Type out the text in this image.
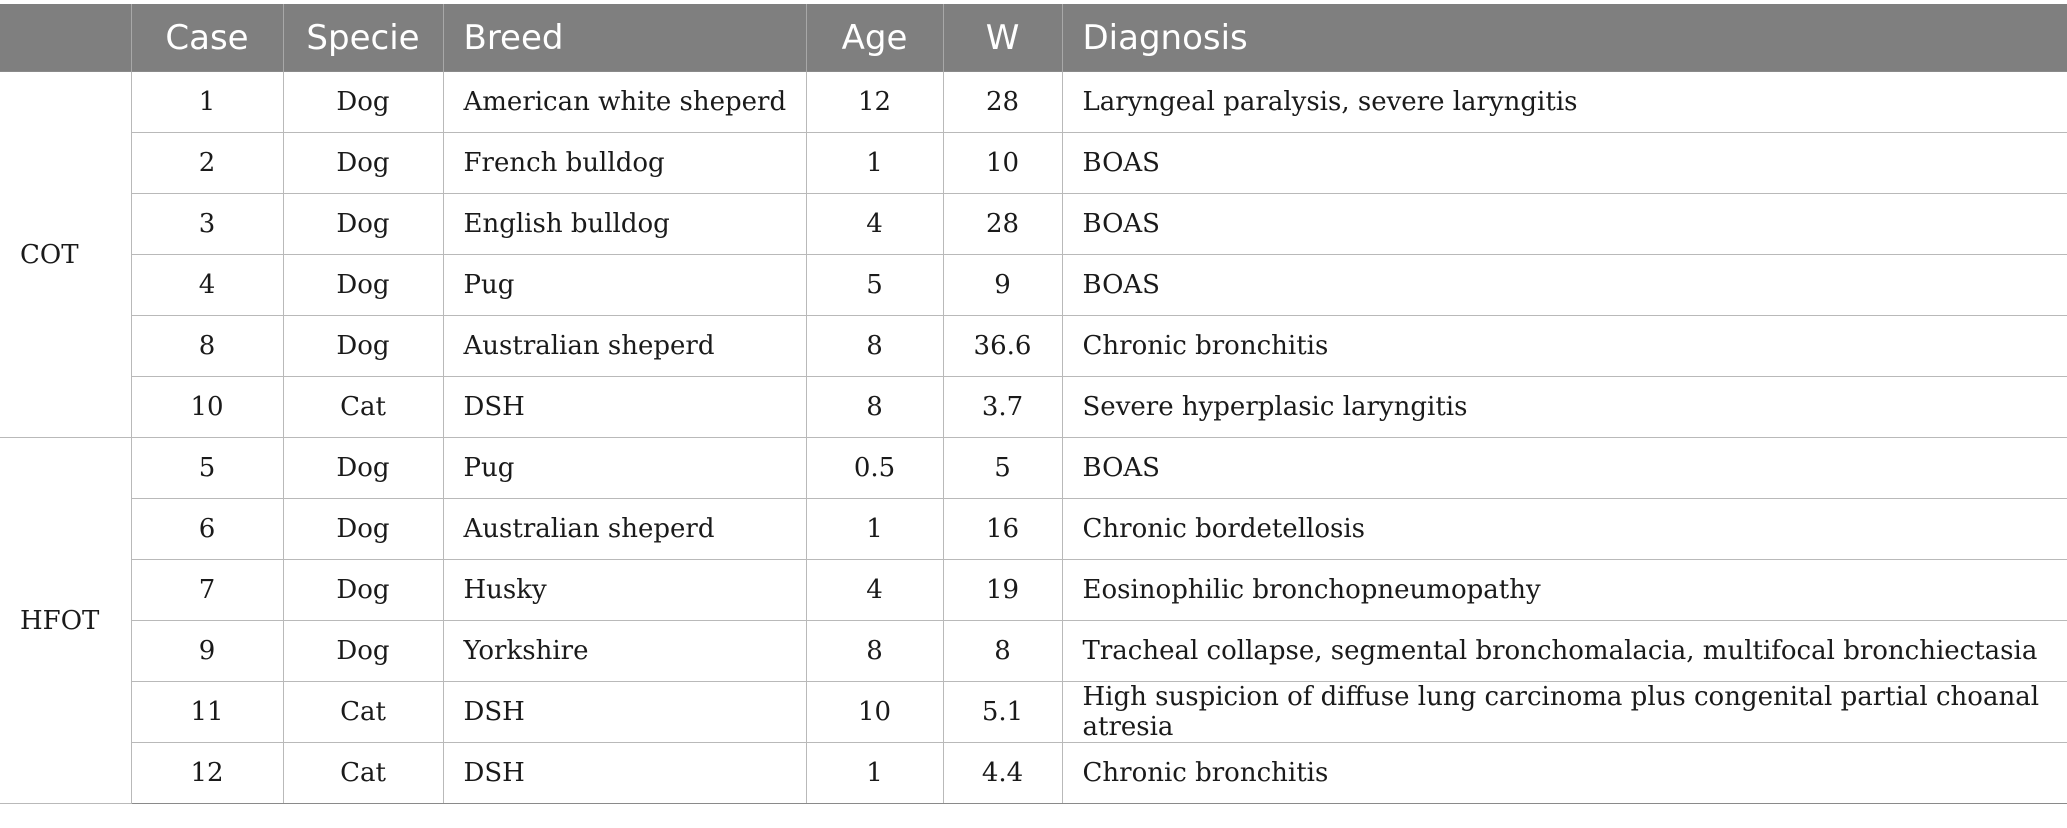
	Case	Specie	Breed	Age	W	Diagnosis
COT	1	Dog	American white sheperd	12	28	Laryngeal paralysis, severe laryngitis
	2	Dog	French bulldog	1	10	BOAS
	3	Dog	English bulldog	4	28	BOAS
	4	Dog	Pug	5	9	BOAS
	8	Dog	Australian sheperd	8	36.6	Chronic bronchitis
	10	Cat	DSH	8	3.7	Severe hyperplasic laryngitis
HFOT	5	Dog	Pug	0.5	5	BOAS
	6	Dog	Australian sheperd	1	16	Chronic bordetellosis
	7	Dog	Husky	4	19	Eosinophilic bronchopneumopathy
	9	Dog	Yorkshire	8	8	Tracheal collapse, segmental bronchomalacia, multifocal bronchiectasia
	11	Cat	DSH	10	5.1	High suspicion of diffuse lung carcinoma plus congenital partial choanal atresia
	12	Cat	DSH	1	4.4	Chronic bronchitis
